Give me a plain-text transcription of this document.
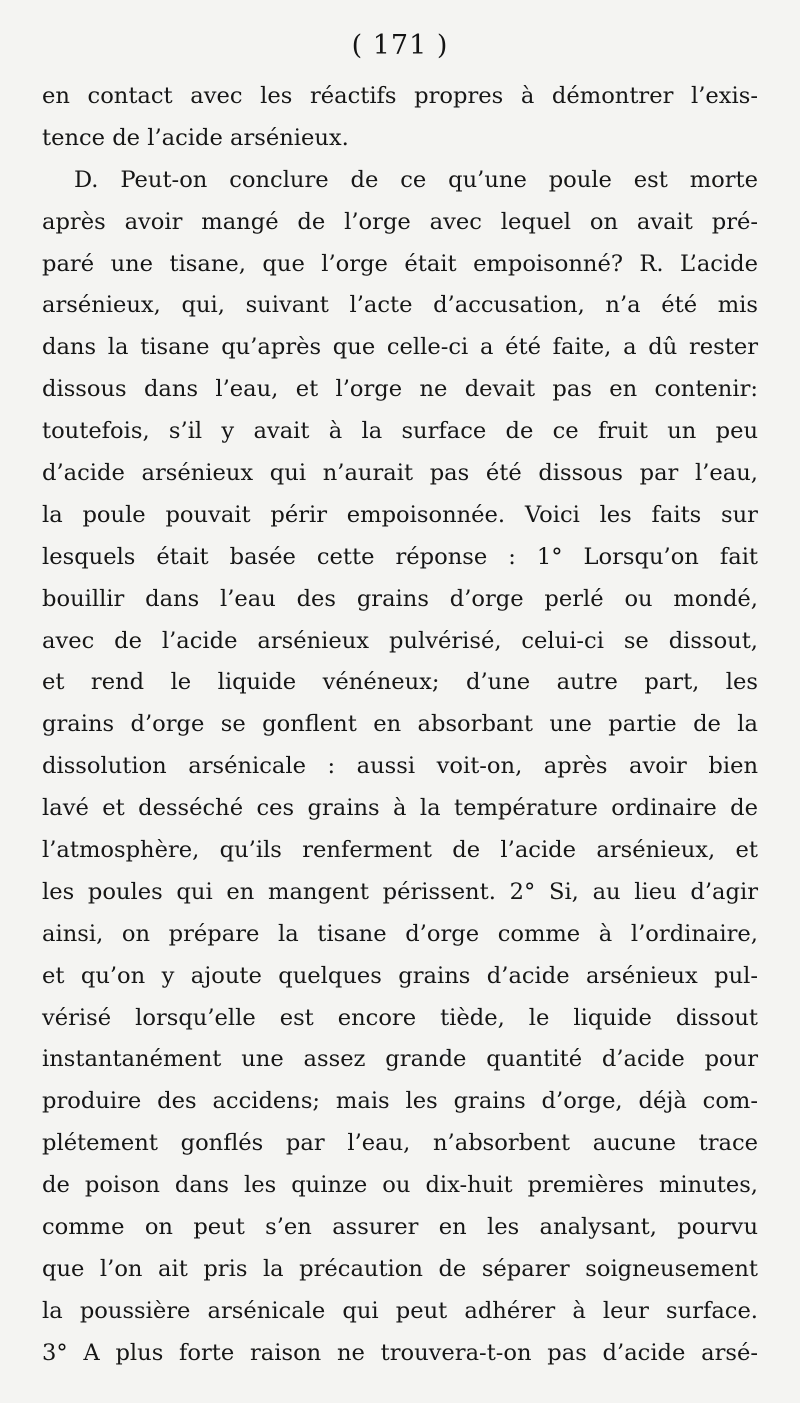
( 171 )
en contact avec les réactifs propres à démontrer l’exis-
tence de l’acide arsénieux.
D. Peut-on conclure de ce qu’une poule est morte
après avoir mangé de l’orge avec lequel on avait pré-
paré une tisane, que l’orge était empoisonné? R. L’acide
arsénieux, qui, suivant l’acte d’accusation, n’a été mis
dans la tisane qu’après que celle-ci a été faite, a dû rester
dissous dans l’eau, et l’orge ne devait pas en contenir:
toutefois, s’il y avait à la surface de ce fruit un peu
d’acide arsénieux qui n’aurait pas été dissous par l’eau,
la poule pouvait périr empoisonnée. Voici les faits sur
lesquels était basée cette réponse : 1° Lorsqu’on fait
bouillir dans l’eau des grains d’orge perlé ou mondé,
avec de l’acide arsénieux pulvérisé, celui-ci se dissout,
et rend le liquide vénéneux; d’une autre part, les
grains d’orge se gonflent en absorbant une partie de la
dissolution arsénicale : aussi voit-on, après avoir bien
lavé et desséché ces grains à la température ordinaire de
l’atmosphère, qu’ils renferment de l’acide arsénieux, et
les poules qui en mangent périssent. 2° Si, au lieu d’agir
ainsi, on prépare la tisane d’orge comme à l’ordinaire,
et qu’on y ajoute quelques grains d’acide arsénieux pul-
vérisé lorsqu’elle est encore tiède, le liquide dissout
instantanément une assez grande quantité d’acide pour
produire des accidens; mais les grains d’orge, déjà com-
plétement gonflés par l’eau, n’absorbent aucune trace
de poison dans les quinze ou dix-huit premières minutes,
comme on peut s’en assurer en les analysant, pourvu
que l’on ait pris la précaution de séparer soigneusement
la poussière arsénicale qui peut adhérer à leur surface.
3° A plus forte raison ne trouvera-t-on pas d’acide arsé-
